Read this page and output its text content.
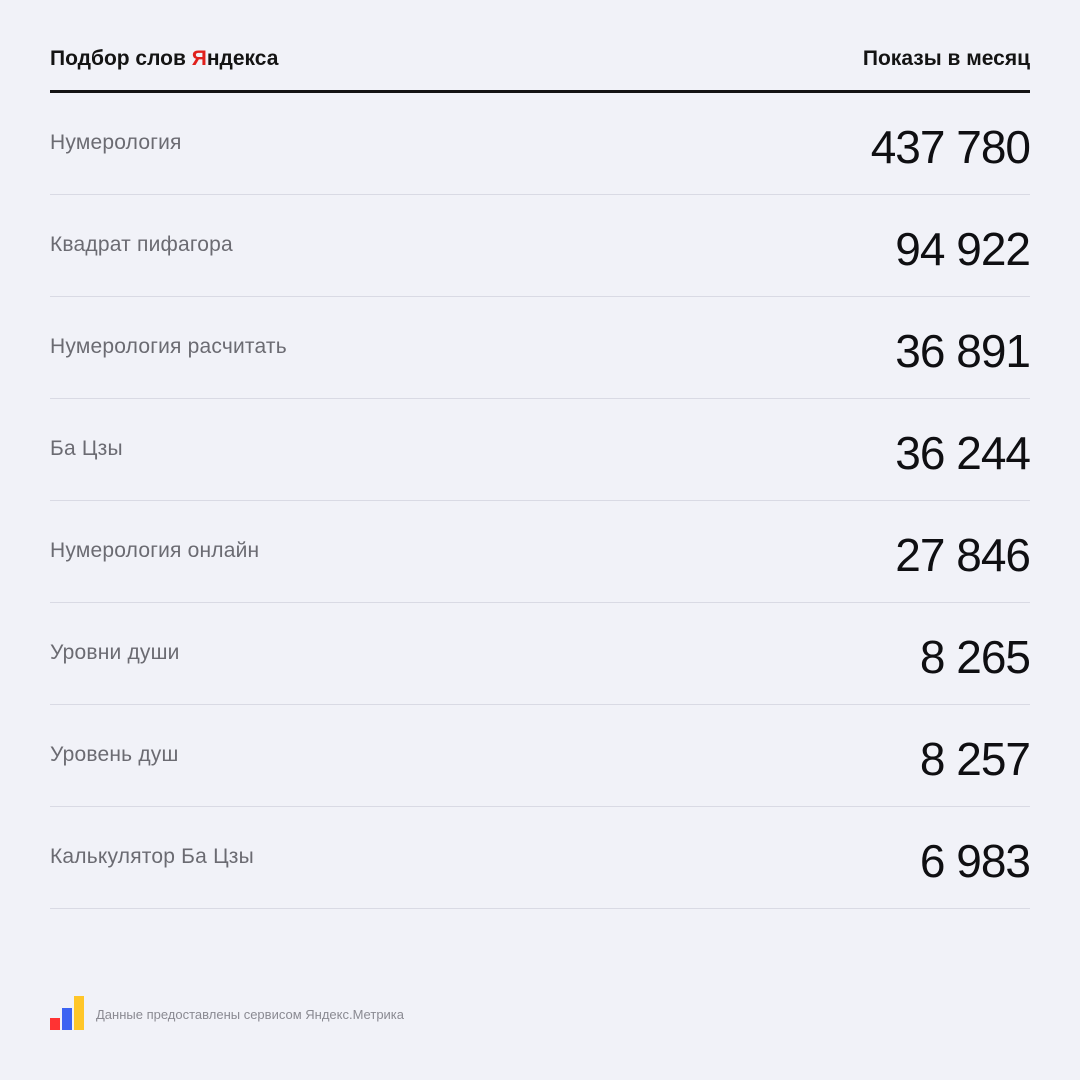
Подбор слов Яндекса	Показы в месяц
Нумерология	437 780
Квадрат пифагора	94 922
Нумерология расчитать	36 891
Ба Цзы	36 244
Нумерология онлайн	27 846
Уровни души	8 265
Уровень душ	8 257
Калькулятор Ба Цзы	6 983
Данные предоставлены сервисом Яндекс.Метрика
